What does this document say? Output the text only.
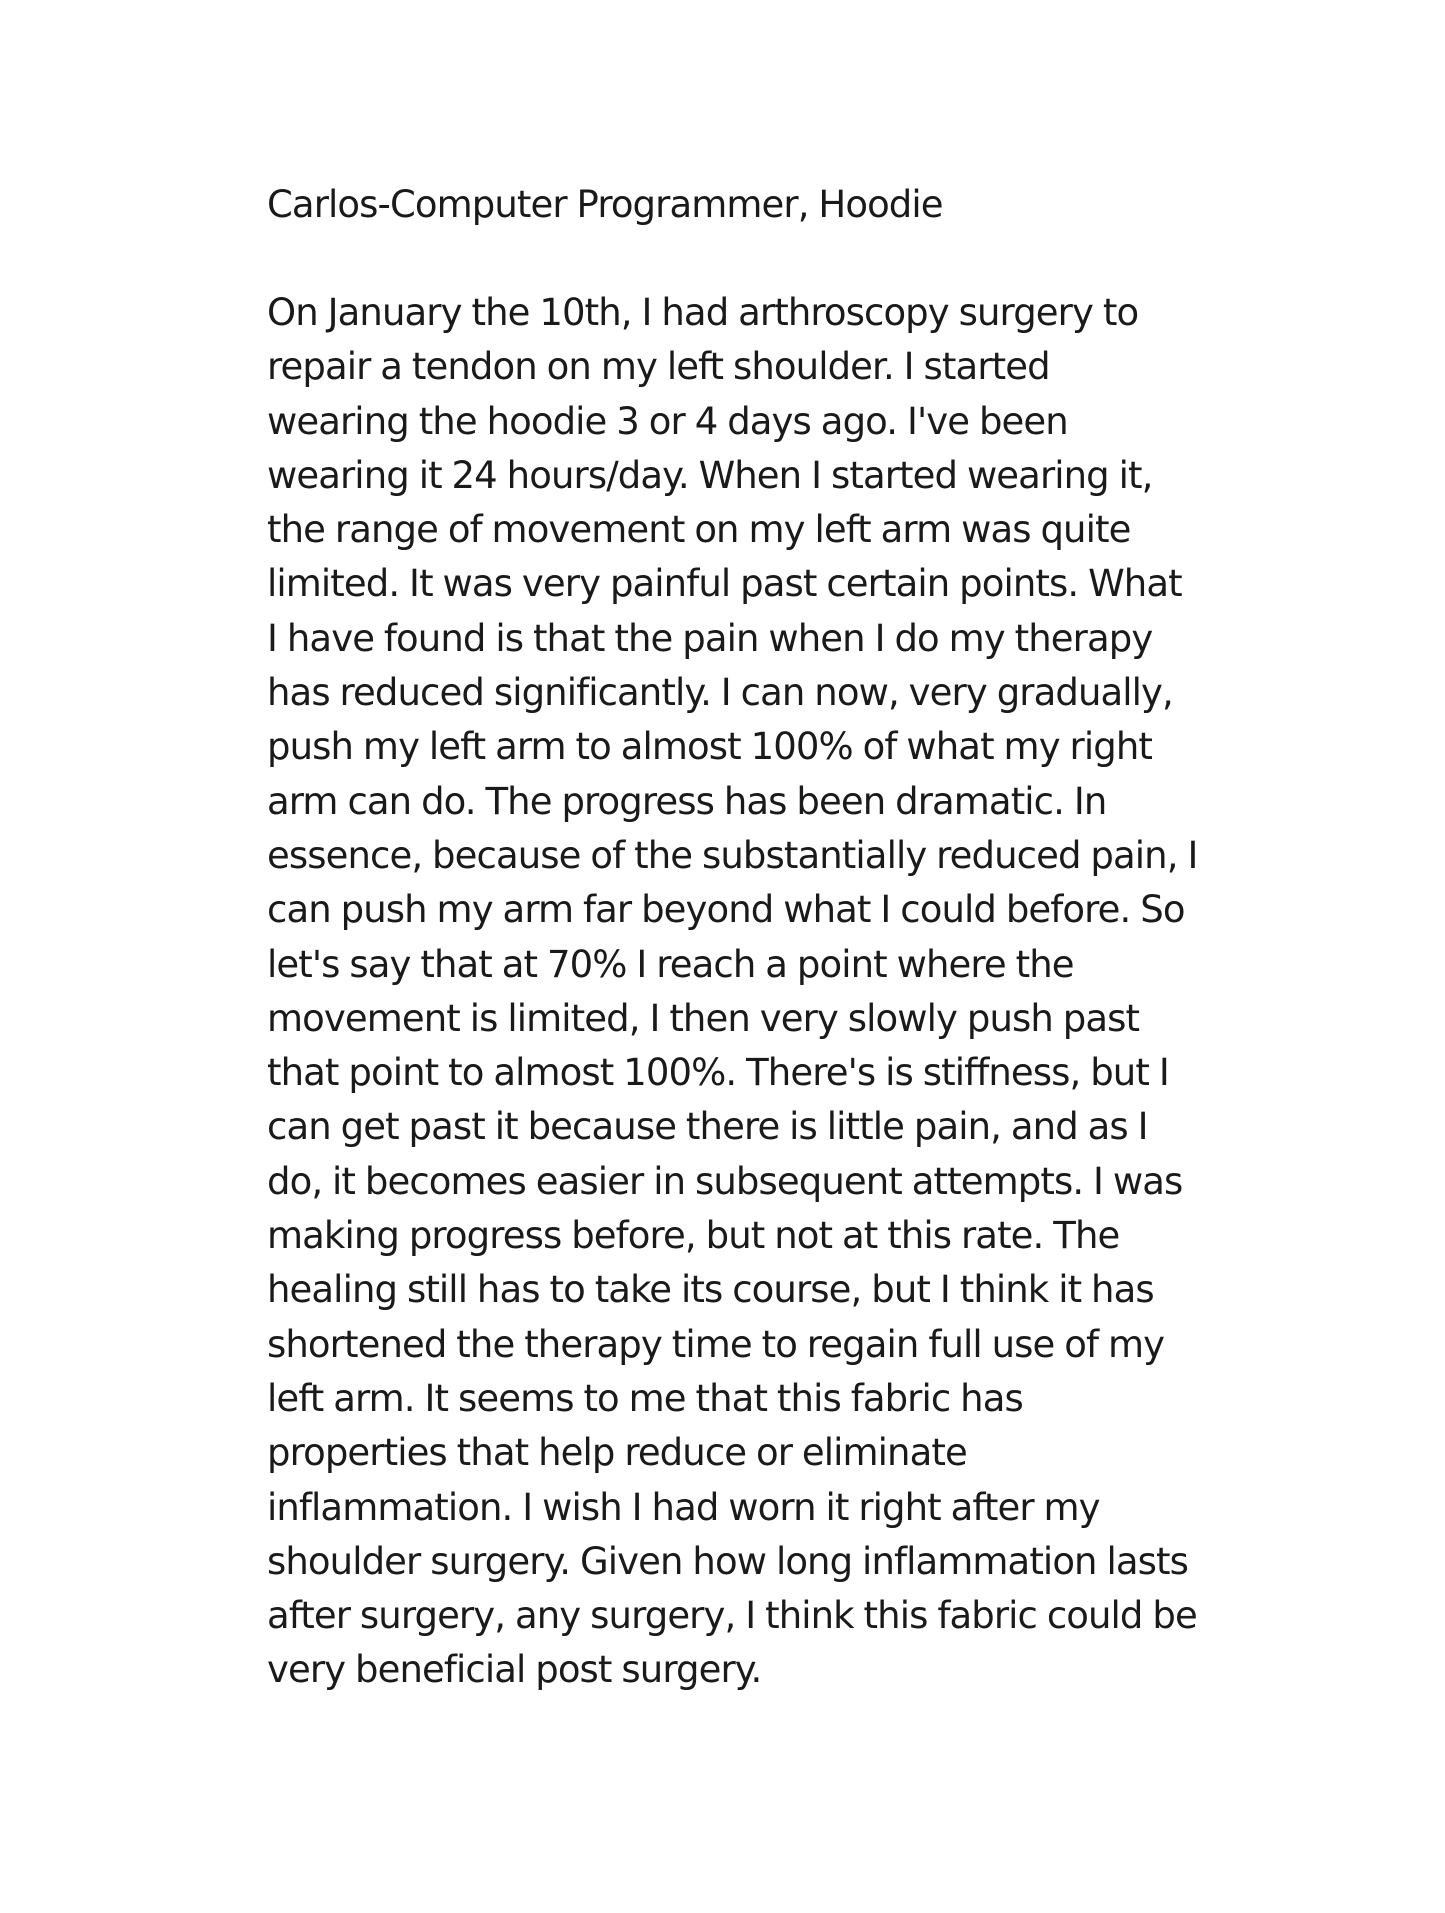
Carlos-Computer Programmer, Hoodie
On January the 10th, I had arthroscopy surgery to
repair a tendon on my left shoulder. I started
wearing the hoodie 3 or 4 days ago. I've been
wearing it 24 hours/day. When I started wearing it,
the range of movement on my left arm was quite
limited. It was very painful past certain points. What
I have found is that the pain when I do my therapy
has reduced significantly. I can now, very gradually,
push my left arm to almost 100% of what my right
arm can do. The progress has been dramatic. In
essence, because of the substantially reduced pain, I
can push my arm far beyond what I could before. So
let's say that at 70% I reach a point where the
movement is limited, I then very slowly push past
that point to almost 100%. There's is stiffness, but I
can get past it because there is little pain, and as I
do, it becomes easier in subsequent attempts. I was
making progress before, but not at this rate. The
healing still has to take its course, but I think it has
shortened the therapy time to regain full use of my
left arm. It seems to me that this fabric has
properties that help reduce or eliminate
inflammation. I wish I had worn it right after my
shoulder surgery. Given how long inflammation lasts
after surgery, any surgery, I think this fabric could be
very beneficial post surgery.
